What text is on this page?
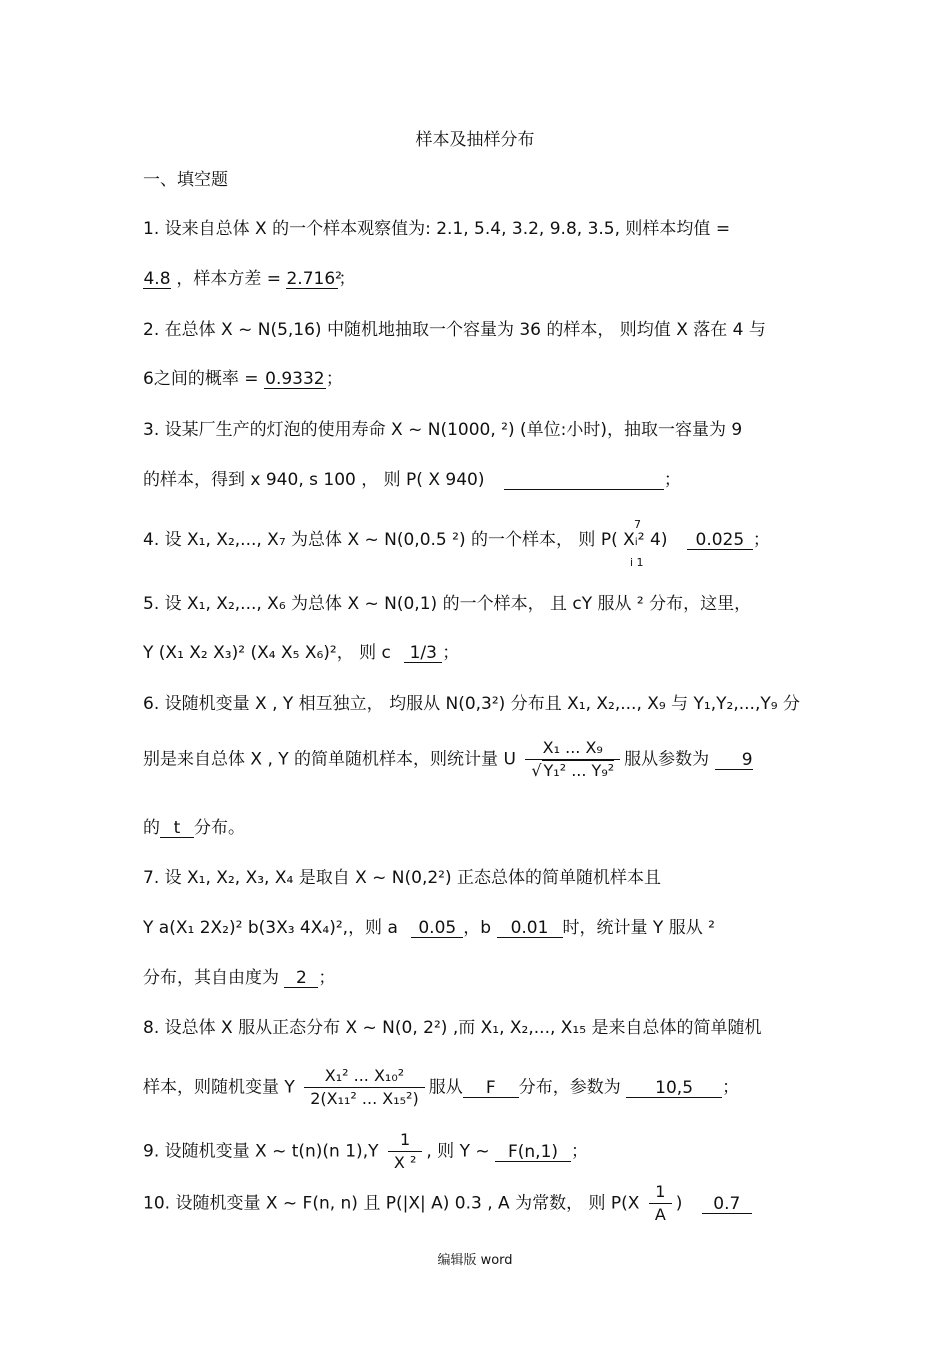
样本及抽样分布
一、填空题
1. 设来自总体 X 的一个样本观察值为: 2.1, 5.4, 3.2, 9.8, 3.5, 则样本均值 =
4.8 ，样本方差 = 2.716²；
2. 在总体 X ~ N(5,16) 中随机地抽取一个容量为 36 的样本， 则均值 X 落在 4 与
6之间的概率 = 0.9332；
3. 设某厂生产的灯泡的使用寿命 X ~ N(1000, ²) (单位:小时)，抽取一容量为 9
的样本，得到 x 940, s 100 ， 则 P( X 940)	；
7
4. 设 X₁, X₂,..., X₇ 为总体 X ~ N(0,0.5 ²) 的一个样本， 则 P( Xᵢ² 4) 0.025 ；
i 1
5. 设 X₁, X₂,..., X₆ 为总体 X ~ N(0,1) 的一个样本， 且 cY 服从 ² 分布，这里，
Y (X₁ X₂ X₃)² (X₄ X₅ X₆)²， 则 c 1/3 ；
6. 设随机变量 X , Y 相互独立， 均服从 N(0,3²) 分布且 X₁, X₂,..., X₉ 与 Y₁,Y₂,...,Y₉ 分
别是来自总体 X , Y 的简单随机样本，则统计量 U $\frac{\text{X₁ ... X₉}}{\text{√ Y₁² ... Y₉²}}$ 服从参数为 9
的 t 分布。
7. 设 X₁, X₂, X₃, X₄ 是取自 X ~ N(0,2²) 正态总体的简单随机样本且
Y a(X₁ 2X₂)² b(3X₃ 4X₄)²,，则 a 0.05 ，b 0.01 时，统计量 Y 服从 ²
分布，其自由度为 2 ；
8. 设总体 X 服从正态分布 X ~ N(0, 2²) ,而 X₁, X₂,..., X₁₅ 是来自总体的简单随机
样本，则随机变量 Y $\frac{\text{X₁² ... X₁₀²}}{\text{2(X₁₁² ... X₁₅²)}}$ 服从 F 分布，参数为 10,5 ；
9. 设随机变量 X ~ t(n)(n $1),Y \frac{1}{\text{X ²}}$ , 则 Y ~ F(n,1) ；
10. 设随机变量 X ~ F(n, n) 且 P(|X| A) 0.3 , A 为常数， 则 $P(X \frac{1}{A}$ ) 0.7
编辑版 word
